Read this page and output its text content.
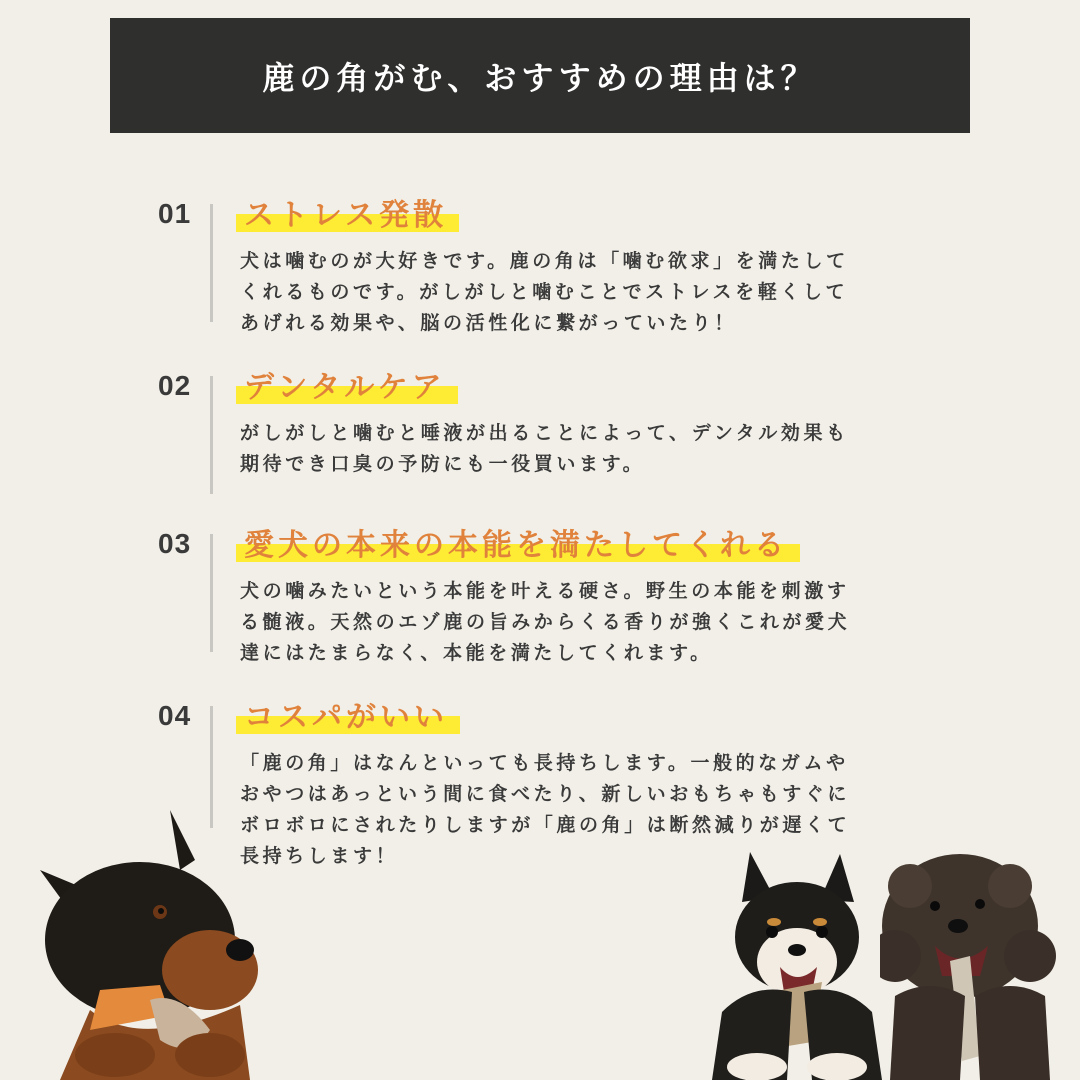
鹿の角がむ、おすすめの理由は？
01	ストレス発散
犬は噛むのが大好きです。鹿の角は「噛む欲求」を満たして
くれるものです。がしがしと噛むことでストレスを軽くして
あげれる効果や、脳の活性化に繋がっていたり！
02	デンタルケア
がしがしと噛むと唾液が出ることによって、デンタル効果も
期待でき口臭の予防にも一役買います。
03	愛犬の本来の本能を満たしてくれる
犬の噛みたいという本能を叶える硬さ。野生の本能を刺激す
る髄液。天然のエゾ鹿の旨みからくる香りが強くこれが愛犬
達にはたまらなく、本能を満たしてくれます。
04	コスパがいい
「鹿の角」はなんといっても長持ちします。一般的なガムや
おやつはあっという間に食べたり、新しいおもちゃもすぐに
ボロボロにされたりしますが「鹿の角」は断然減りが遅くて
長持ちします！
